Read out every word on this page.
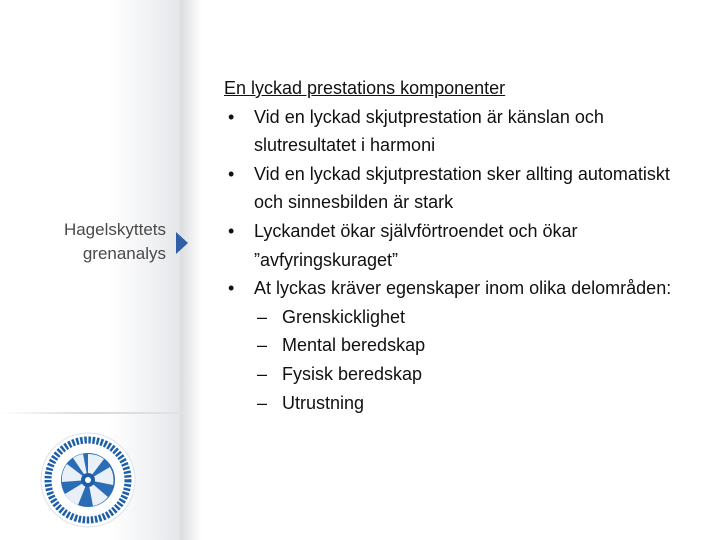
Hagelskyttets
grenanalys
En lyckad prestations komponenter
• Vid en lyckad skjutprestation är känslan och slutresultatet i harmoni
• Vid en lyckad skjutprestation sker allting automatiskt och sinnesbilden är stark
• Lyckandet ökar självförtroendet och ökar ”avfyringskuraget”
• At lyckas kräver egenskaper inom olika delområden:
– Grenskicklighet
– Mental beredskap
– Fysisk beredskap
– Utrustning
